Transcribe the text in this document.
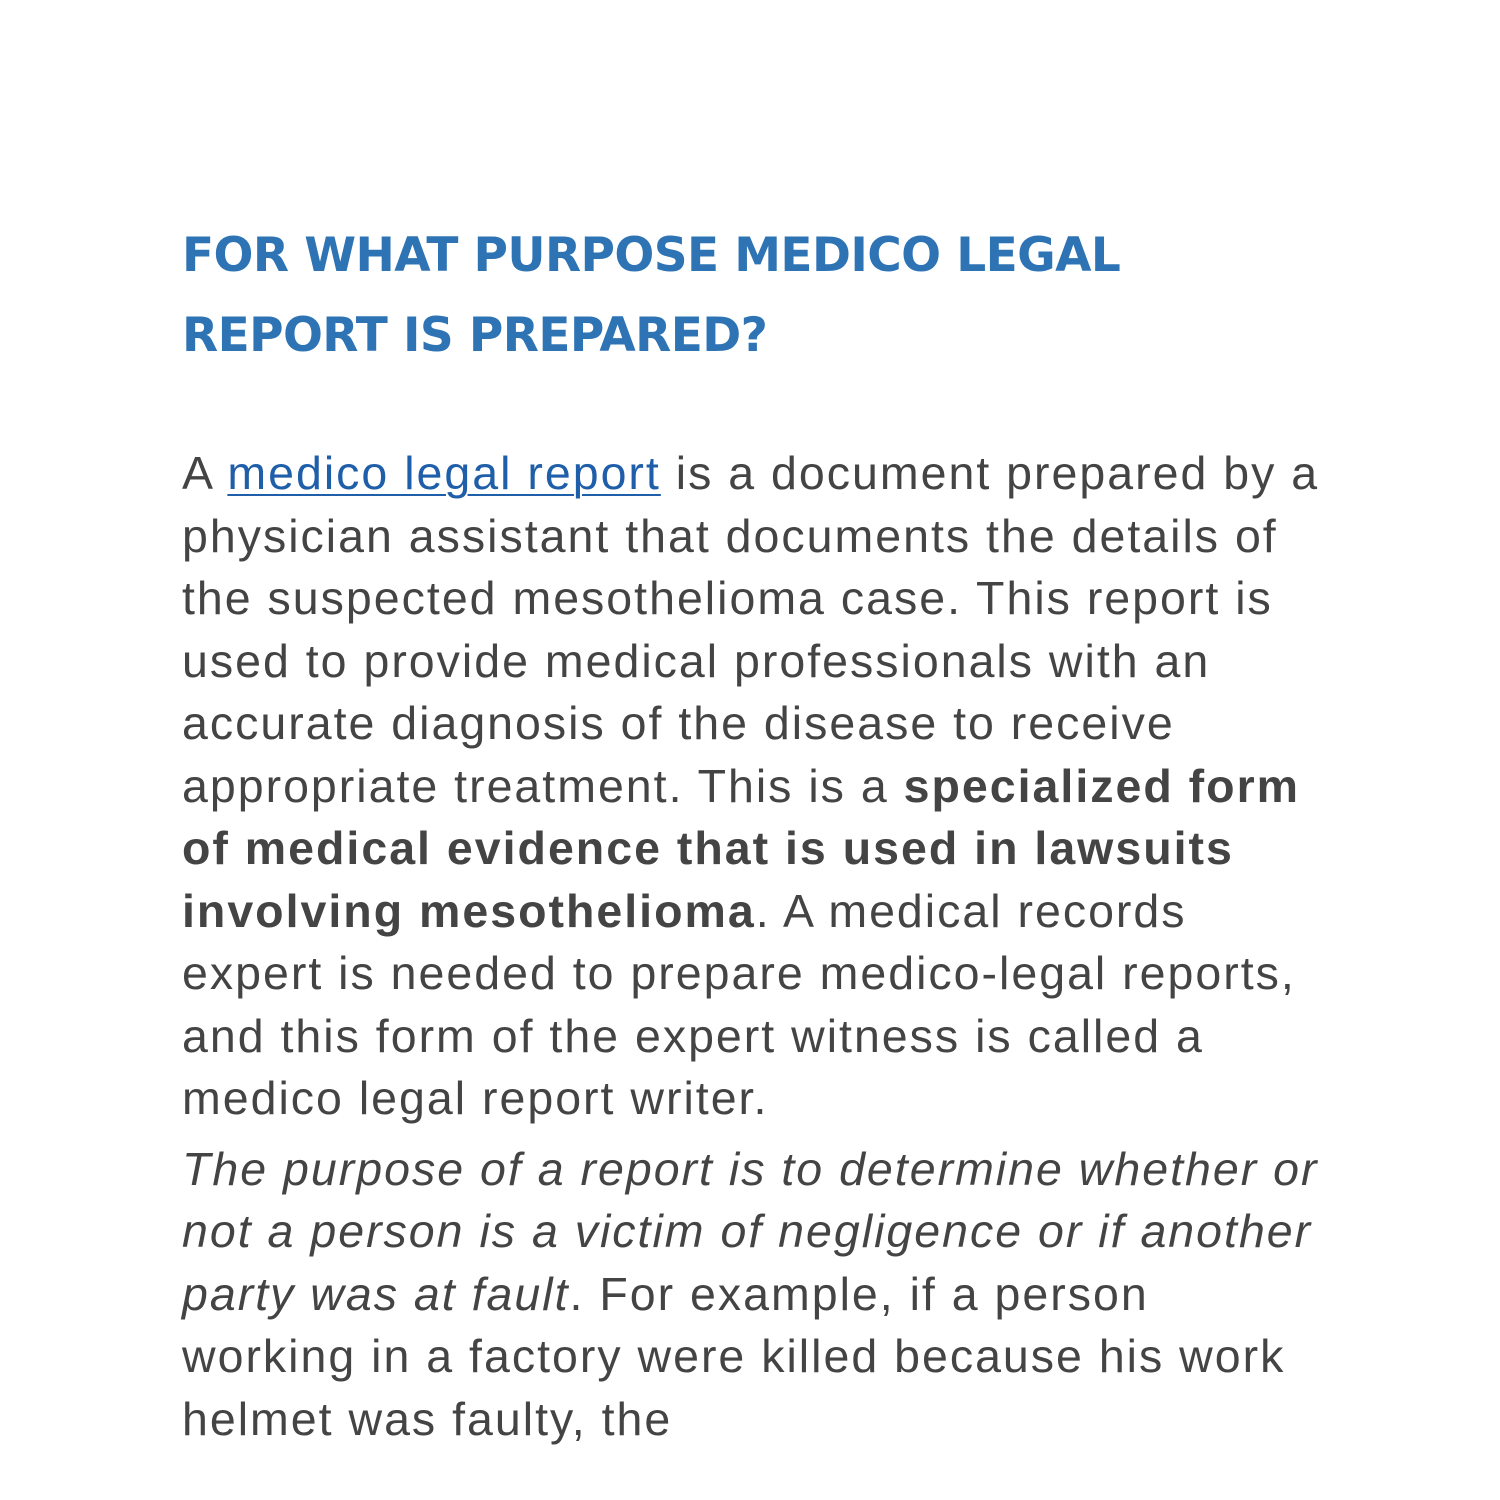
FOR WHAT PURPOSE MEDICO LEGAL REPORT IS PREPARED?

A medico legal report is a document prepared by a physician assistant that documents the details of the suspected mesothelioma case. This report is used to provide medical professionals with an accurate diagnosis of the disease to receive appropriate treatment. This is a specialized form of medical evidence that is used in lawsuits involving mesothelioma. A medical records expert is needed to prepare medico-legal reports, and this form of the expert witness is called a medico legal report writer.

The purpose of a report is to determine whether or not a person is a victim of negligence or if another party was at fault. For example, if a person working in a factory were killed because his work helmet was faulty, the
